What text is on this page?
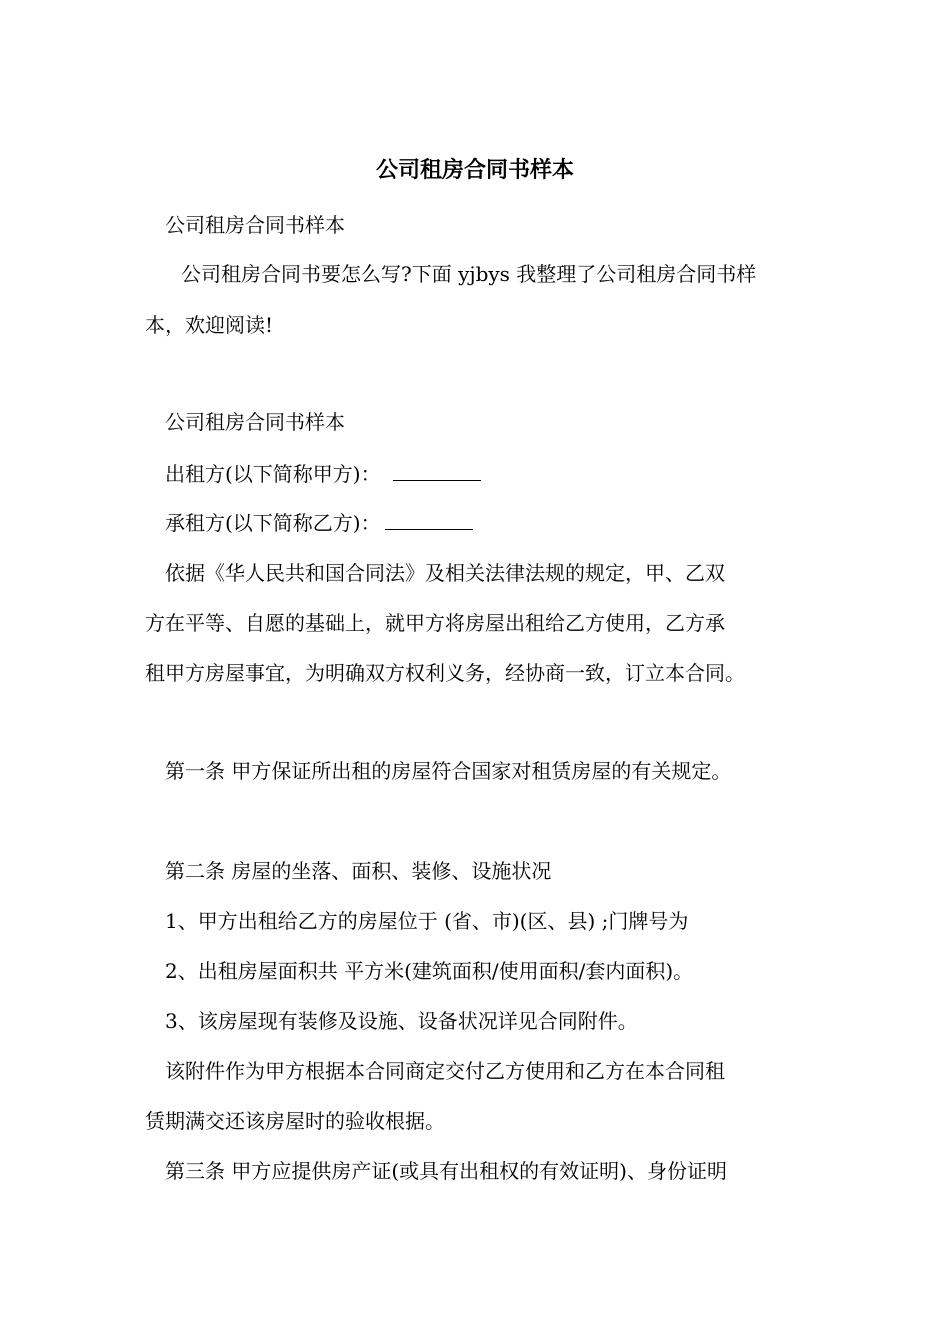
公司租房合同书样本
公司租房合同书样本
公司租房合同书要怎么写?下面 yjbys 我整理了公司租房合同书样
本，欢迎阅读!
公司租房合同书样本
出租方(以下简称甲方)：
承租方(以下简称乙方)：
依据《华人民共和国合同法》及相关法律法规的规定，甲、乙双
方在平等、自愿的基础上，就甲方将房屋出租给乙方使用，乙方承
租甲方房屋事宜，为明确双方权利义务，经协商一致，订立本合同。
第一条 甲方保证所出租的房屋符合国家对租赁房屋的有关规定。
第二条 房屋的坐落、面积、装修、设施状况
1、甲方出租给乙方的房屋位于 (省、市)(区、县) ;门牌号为
2、出租房屋面积共 平方米(建筑面积/使用面积/套内面积)。
3、该房屋现有装修及设施、设备状况详见合同附件。
该附件作为甲方根据本合同商定交付乙方使用和乙方在本合同租
赁期满交还该房屋时的验收根据。
第三条 甲方应提供房产证(或具有出租权的有效证明)、身份证明
